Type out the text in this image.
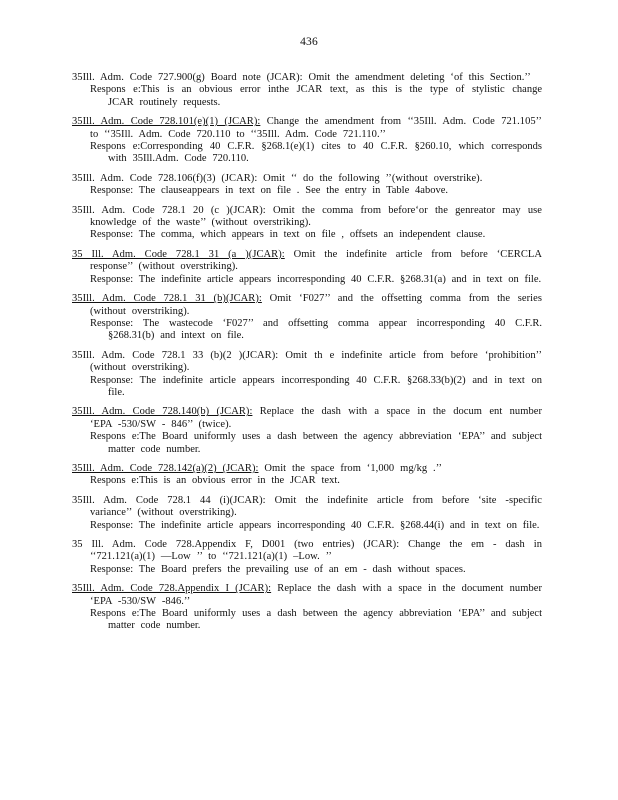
436

35Ill. Adm. Code 727.900(g) Board note (JCAR): Omit the amendment deleting ‘of this Section.’’

Respons e:This is an obvious error inthe JCAR text, as this is the type of stylistic change JCAR routinely requests.

35Ill. Adm. Code 728.101(e)(1) (JCAR): Change the amendment from ‘‘35Ill. Adm. Code 721.105’’ to ‘‘35Ill. Adm. Code 720.110 to ‘‘35Ill. Adm. Code 721.110.’’

Respons e:Corresponding 40 C.F.R. §268.1(e)(1) cites to 40 C.F.R. §260.10, which corresponds with 35Ill.Adm. Code 720.110.

35Ill. Adm. Code 728.106(f)(3) (JCAR): Omit ‘‘ do the following ’’(without overstrike).

Response: The clauseappears in text on file . See the entry in Table 4above.

35Ill. Adm. Code 728.1 20 (c )(JCAR): Omit the comma from before‘or the genreator may use knowledge of the waste’’ (without overstriking).

Response: The comma, which appears in text on file , offsets an independent clause.

35 Ill. Adm. Code 728.1 31 (a )(JCAR): Omit the indefinite article from before ‘CERCLA response’’ (without overstriking).

Response: The indefinite article appears incorresponding 40 C.F.R. §268.31(a) and in text on file.

35Ill. Adm. Code 728.1 31 (b)(JCAR): Omit ‘F027’’ and the offsetting comma from the series (without overstriking).

Response: The wastecode ‘F027’’ and offsetting comma appear incorresponding 40 C.F.R. §268.31(b) and intext on file.

35Ill. Adm. Code 728.1 33 (b)(2 )(JCAR): Omit th e indefinite article from before ‘prohibition’’ (without overstriking).

Response: The indefinite article appears incorresponding 40 C.F.R. §268.33(b)(2) and in text on file.

35Ill. Adm. Code 728.140(b) (JCAR): Replace the dash with a space in the docum ent number ‘EPA -530/SW - 846’’ (twice).

Respons e:The Board uniformly uses a dash between the agency abbreviation ‘EPA’’ and subject matter code number.

35Ill. Adm. Code 728.142(a)(2) (JCAR): Omit the space from ‘1,000 mg/kg .’’

Respons e:This is an obvious error in the JCAR text.

35Ill. Adm. Code 728.1 44 (i)(JCAR): Omit the indefinite article from before ‘site -specific variance’’ (without overstriking).

Response: The indefinite article appears incorresponding 40 C.F.R. §268.44(i) and in text on file.

35 Ill. Adm. Code 728.Appendix F, D001 (two entries) (JCAR): Change the em - dash in ‘‘721.121(a)(1) —Low ’’ to ‘‘721.121(a)(1) –Low. ’’

Response: The Board prefers the prevailing use of an em - dash without spaces.

35Ill. Adm. Code 728.Appendix I (JCAR): Replace the dash with a space in the document number ‘EPA -530/SW -846.’’

Respons e:The Board uniformly uses a dash between the agency abbreviation ‘EPA’’ and subject matter code number.
